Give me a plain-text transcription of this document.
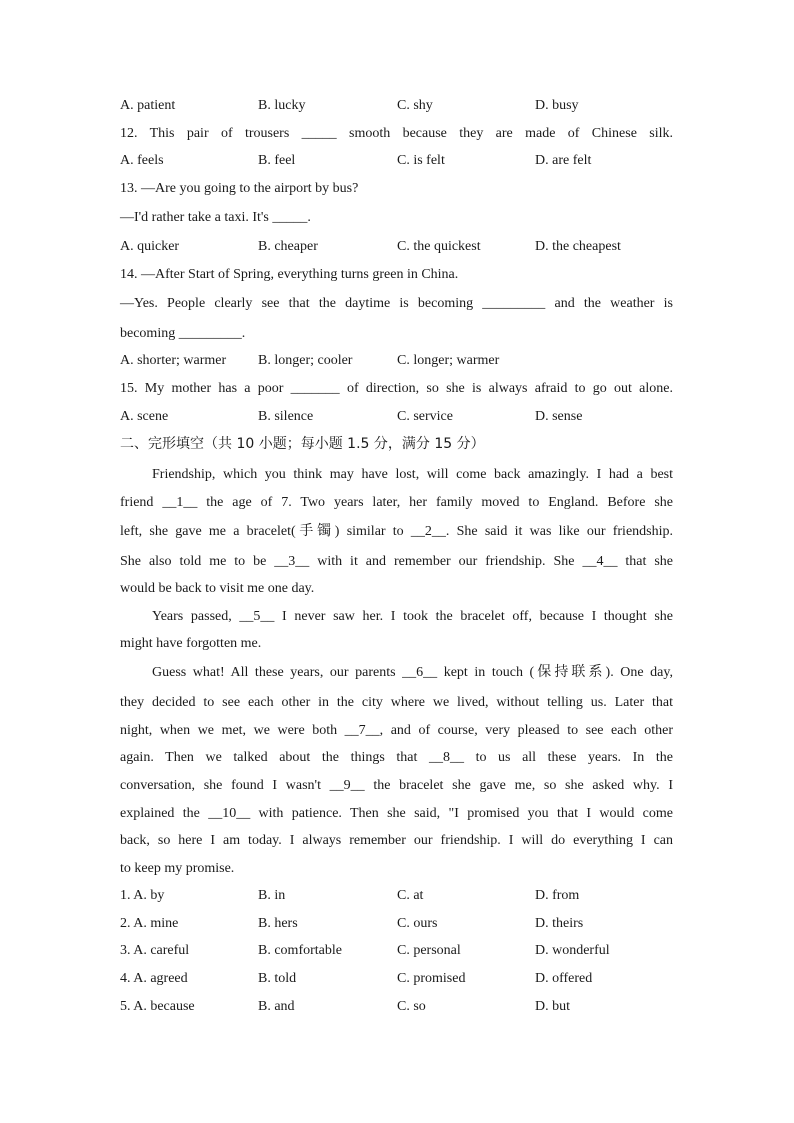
A. patient	B. lucky	C. shy	D. busy
12. This pair of trousers _____ smooth because they are made of Chinese silk.
A. feels	B. feel	C. is felt	D. are felt
13. —Are you going to the airport by bus?
—I'd rather take a taxi. It's _____.
A. quicker	B. cheaper	C. the quickest	D. the cheapest
14. —After Start of Spring, everything turns green in China.
—Yes. People clearly see that the daytime is becoming _________ and the weather is
becoming _________.
A. shorter; warmer B. longer; cooler	C. longer; warmer
15. My mother has a poor _______ of direction, so she is always afraid to go out alone.
A. scene	B. silence	C. service	D. sense
二、完形填空（共 10 小题；每小题 1.5 分，满分 15 分）
Friendship, which you think may have lost, will come back amazingly. I had a best
friend __1__ the age of 7. Two years later, her family moved to England. Before she
left, she gave me a bracelet(手镯) similar to __2__. She said it was like our friendship.
She also told me to be __3__ with it and remember our friendship. She __4__ that she
would be back to visit me one day.
Years passed, __5__ I never saw her. I took the bracelet off, because I thought she
might have forgotten me.
Guess what! All these years, our parents __6__ kept in touch (保持联系). One day,
they decided to see each other in the city where we lived, without telling us. Later that
night, when we met, we were both __7__, and of course, very pleased to see each other
again. Then we talked about the things that __8__ to us all these years. In the
conversation, she found I wasn't __9__ the bracelet she gave me, so she asked why. I
explained the __10__ with patience. Then she said, "I promised you that I would come
back, so here I am today. I always remember our friendship. I will do everything I can
to keep my promise.
1. A. by	B. in	C. at	D. from
2. A. mine	B. hers	C. ours	D. theirs
3. A. careful	B. comfortable	C. personal	D. wonderful
4. A. agreed	B. told	C. promised	D. offered
5. A. because	B. and	C. so	D. but
